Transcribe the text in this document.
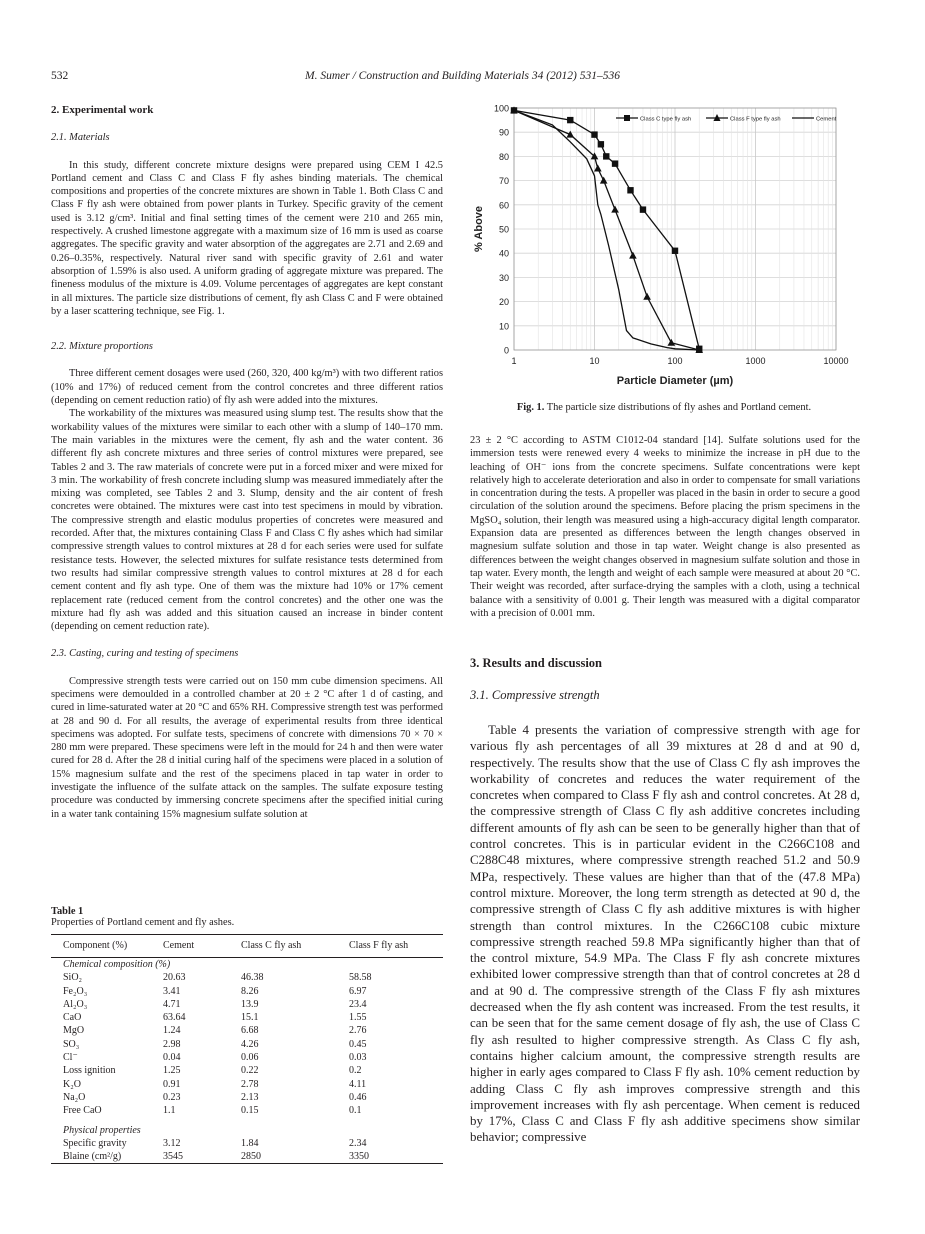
532	M. Sumer / Construction and Building Materials 34 (2012) 531–536
2. Experimental work
2.1. Materials

In this study, different concrete mixture designs were prepared using CEM I 42.5 Portland cement and Class C and Class F fly ashes binding materials. The chemical compositions and properties of the concrete mixtures are shown in Table 1. Both Class C and Class F fly ash were obtained from power plants in Turkey. Specific gravity of the cement used is 3.12 g/cm³. Initial and final setting times of the cement were 210 and 265 min, respectively. A crushed limestone aggregate with a maximum size of 16 mm is used as coarse aggregates. The specific gravity and water absorption of the aggregates are 2.71 and 2.69 and 0.26–0.35%, respectively. Natural river sand with specific gravity of 2.61 and water absorption of 1.59% is also used. A uniform grading of aggregate mixture was prepared. The fineness modulus of the mixture is 4.09. Volume percentages of aggregates are kept constant in all mixtures. The particle size distributions of cement, fly ash Class C and F were obtained by a laser scattering technique, see Fig. 1.

2.2. Mixture proportions

Three different cement dosages were used (260, 320, 400 kg/m³) with two different ratios (10% and 17%) of reduced cement from the control concretes and three different ratios (depending on cement reduction ratio) of fly ash were added into the mixtures.

The workability of the mixtures was measured using slump test. The results show that the workability values of the mixtures were similar to each other with a slump of 140–170 mm. The main variables in the mixtures were the cement, fly ash and the water content. 36 different fly ash concrete mixtures and three series of control mixtures were prepared, see Tables 2 and 3. The raw materials of concrete were put in a forced mixer and were mixed for 3 min. The workability of fresh concrete including slump was measured immediately after the mixing was completed, see Tables 2 and 3. Slump, density and the air content of fresh concretes were obtained. The mixtures were cast into test specimens in mould by vibration. The compressive strength and elastic modulus properties of concretes were measured and recorded. After that, the mixtures containing Class F and Class C fly ashes which had similar compressive strength values to control mixtures at 28 d for each series were used for sulfate resistance tests. However, the selected mixtures for sulfate resistance tests determined from two results had similar compressive strength values to control mixtures at 28 d for each cement content and fly ash type. One of them was the mixture had 10% or 17% cement replacement rate (reduced cement from the control concretes) and the other one was the mixture had fly ash was added and this situation caused an increase in binder content (depending on cement reduction rate).

2.3. Casting, curing and testing of specimens

Compressive strength tests were carried out on 150 mm cube dimension specimens. All specimens were demoulded in a controlled chamber at 20 ± 2 °C after 1 d of casting, and cured in lime-saturated water at 20 °C and 65% RH. Compressive strength test was performed at 28 and 90 d. For all results, the average of experimental results from three identical specimens was adopted. For sulfate tests, specimens of concrete with dimensions 70 × 70 × 280 mm were prepared. These specimens were left in the mould for 24 h and then were water cured for 28 d. After the 28 d initial curing half of the specimens were placed in a solution of 15% magnesium sulfate and the rest of the specimens placed in tap water in order to investigate the influence of the sulfate attack on the samples. The sulfate exposure testing procedure was conducted by immersing concrete specimens after the specified initial curing in a water tank containing 15% magnesium sulfate solution at

Table 1
Properties of Portland cement and fly ashes.
Component (%)	Cement	Class C fly ash	Class F fly ash
Chemical composition (%)			
SiO₂	20.63	46.38	58.58
Fe₂O₃	3.41	8.26	6.97
Al₂O₃	4.71	13.9	23.4
CaO	63.64	15.1	1.55
MgO	1.24	6.68	2.76
SO₃	2.98	4.26	0.45
Cl⁻	0.04	0.06	0.03
Loss ignition	1.25	0.22	0.2
K₂O	0.91	2.78	4.11
Na₂O	0.23	2.13	0.46
Free CaO	1.1	0.15	0.1
Physical properties			
Specific gravity	3.12	1.84	2.34
Blaine (cm²/g)	3545	2850	3350
0
10
20
30
40
50
60
70
80
90
100
1	10	100	1000	10000
Particle Diameter (µm)
% Above
Class C type fly ash	Class F type fly ash	Cement
Fig. 1. The particle size distributions of fly ashes and Portland cement.

23 ± 2 °C according to ASTM C1012-04 standard [14]. Sulfate solutions used for the immersion tests were renewed every 4 weeks to minimize the increase in pH due to the leaching of OH⁻ ions from the concrete specimens. Sulfate concentrations were kept relatively high to accelerate deterioration and also in order to compensate for small variations in concentration during the tests. A propeller was placed in the basin in order to secure a good circulation of the solution around the specimens. Before placing the prism specimens in the MgSO₄ solution, their length was measured using a high-accuracy digital length comparator. Expansion data are presented as differences between the length changes observed in magnesium sulfate solution and those in tap water. Weight change is also presented as differences between the weight changes observed in magnesium sulfate solution and those in tap water. Every month, the length and weight of each sample were measured at about 20 °C. Their weight was recorded, after surface-drying the samples with a cloth, using a technical balance with a sensitivity of 0.001 g. Their length was measured with a digital comparator with a precision of 0.001 mm.

3. Results and discussion
3.1. Compressive strength

Table 4 presents the variation of compressive strength with age for various fly ash percentages of all 39 mixtures at 28 d and at 90 d, respectively. The results show that the use of Class C fly ash improves the workability of concretes and reduces the water requirement of the concretes when compared to Class F fly ash and control concretes. At 28 d, the compressive strength of Class C fly ash additive concretes including different amounts of fly ash can be seen to be generally higher than that of control concretes. This is in particular evident in the C266C108 and C288C48 mixtures, where compressive strength reached 51.2 and 50.9 MPa, respectively. These values are higher than that of the (47.8 MPa) control mixture. Moreover, the long term strength as detected at 90 d, the compressive strength of Class C fly ash additive mixtures is with higher strength than control mixtures. In the C266C108 cubic mixture compressive strength reached 59.8 MPa significantly higher than that of the control mixture, 54.9 MPa. The Class F fly ash concrete mixtures exhibited lower compressive strength than that of control concretes at 28 d and at 90 d. The compressive strength of the Class F fly ash mixtures decreased when the fly ash content was increased. From the test results, it can be seen that for the same cement dosage of fly ash, the use of Class C fly ash resulted to higher compressive strength. As Class C fly ash, contains higher calcium amount, the compressive strength results are higher in early ages compared to Class F fly ash. 10% cement reduction by adding Class C fly ash improves compressive strength and this improvement increases with fly ash percentage. When cement is reduced by 17%, Class C and Class F fly ash additive specimens show similar behavior; compressive
